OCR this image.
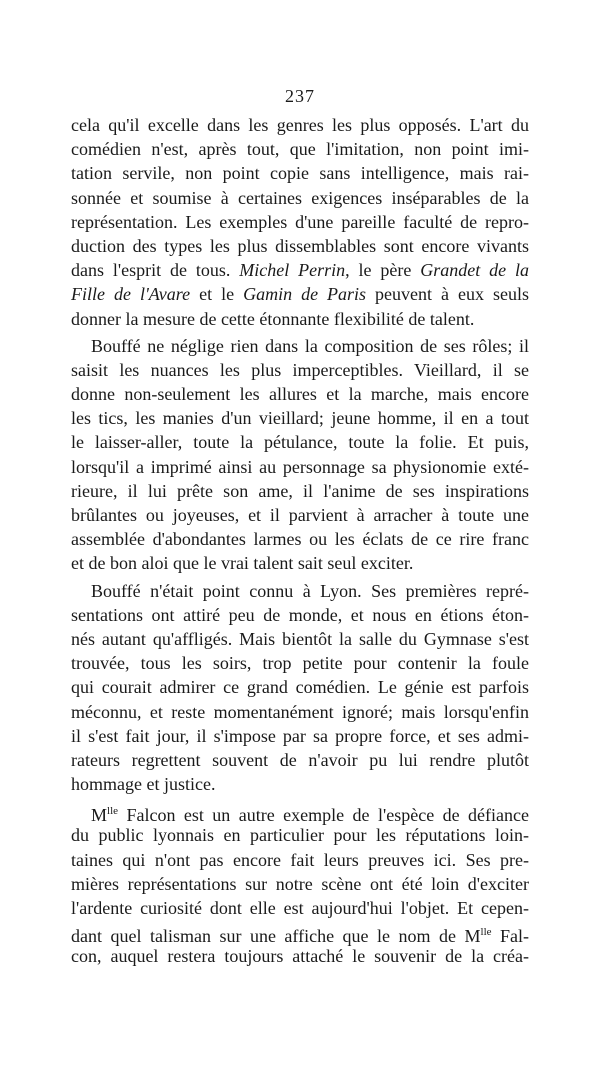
237
cela qu'il excelle dans les genres les plus opposés. L'art du
comédien n'est, après tout, que l'imitation, non point imi-
tation servile, non point copie sans intelligence, mais rai-
sonnée et soumise à certaines exigences inséparables de la
représentation. Les exemples d'une pareille faculté de repro-
duction des types les plus dissemblables sont encore vivants
dans l'esprit de tous. Michel Perrin, le père Grandet de la
Fille de l'Avare et le Gamin de Paris peuvent à eux seuls
donner la mesure de cette étonnante flexibilité de talent.
Bouffé ne néglige rien dans la composition de ses rôles; il
saisit les nuances les plus imperceptibles. Vieillard, il se
donne non-seulement les allures et la marche, mais encore
les tics, les manies d'un vieillard; jeune homme, il en a tout
le laisser-aller, toute la pétulance, toute la folie. Et puis,
lorsqu'il a imprimé ainsi au personnage sa physionomie exté-
rieure, il lui prête son ame, il l'anime de ses inspirations
brûlantes ou joyeuses, et il parvient à arracher à toute une
assemblée d'abondantes larmes ou les éclats de ce rire franc
et de bon aloi que le vrai talent sait seul exciter.
Bouffé n'était point connu à Lyon. Ses premières repré-
sentations ont attiré peu de monde, et nous en étions éton-
nés autant qu'affligés. Mais bientôt la salle du Gymnase s'est
trouvée, tous les soirs, trop petite pour contenir la foule
qui courait admirer ce grand comédien. Le génie est parfois
méconnu, et reste momentanément ignoré; mais lorsqu'enfin
il s'est fait jour, il s'impose par sa propre force, et ses admi-
rateurs regrettent souvent de n'avoir pu lui rendre plutôt
hommage et justice.
$M^{lle}$ Falcon est un autre exemple de l'espèce de défiance
du public lyonnais en particulier pour les réputations loin-
taines qui n'ont pas encore fait leurs preuves ici. Ses pre-
mières représentations sur notre scène ont été loin d'exciter
l'ardente curiosité dont elle est aujourd'hui l'objet. Et cepen-
dant quel talisman sur une affiche que le nom de $M^{lle}$ Fal-
con, auquel restera toujours attaché le souvenir de la créa-
